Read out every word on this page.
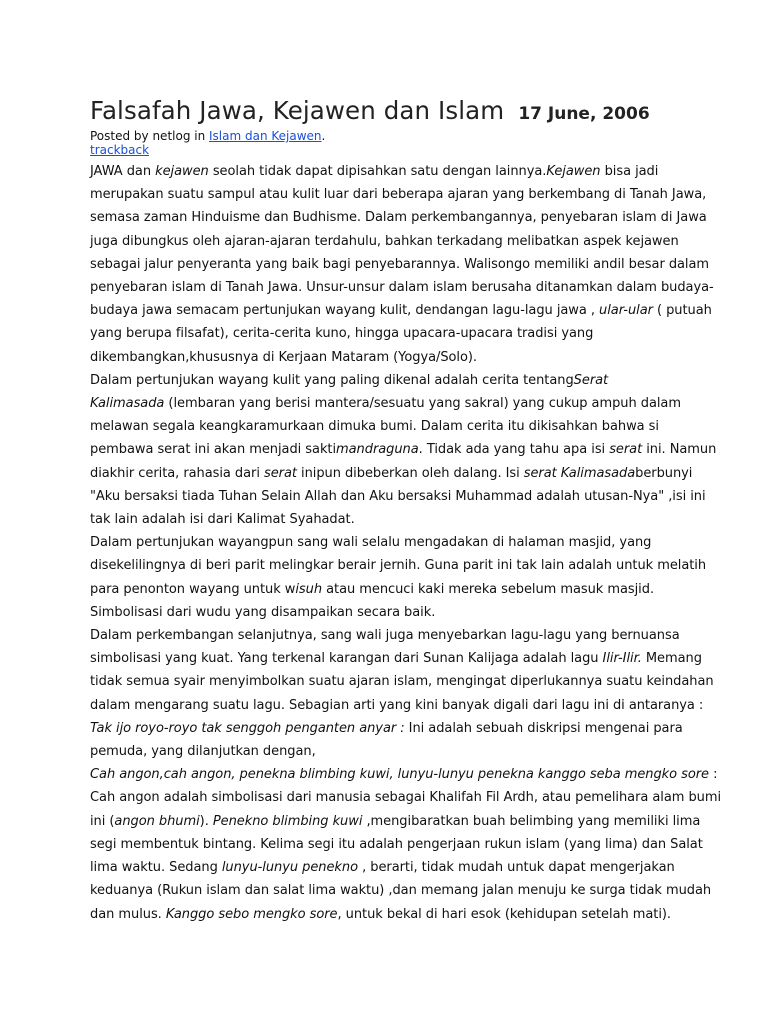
Falsafah Jawa, Kejawen dan Islam 17 June, 2006
Posted by netlog in Islam dan Kejawen.
trackback

JAWA dan kejawen seolah tidak dapat dipisahkan satu dengan lainnya.Kejawen bisa jadi
merupakan suatu sampul atau kulit luar dari beberapa ajaran yang berkembang di Tanah Jawa,
semasa zaman Hinduisme dan Budhisme. Dalam perkembangannya, penyebaran islam di Jawa
juga dibungkus oleh ajaran-ajaran terdahulu, bahkan terkadang melibatkan aspek kejawen
sebagai jalur penyeranta yang baik bagi penyebarannya. Walisongo memiliki andil besar dalam
penyebaran islam di Tanah Jawa. Unsur-unsur dalam islam berusaha ditanamkan dalam budaya-
budaya jawa semacam pertunjukan wayang kulit, dendangan lagu-lagu jawa , ular-ular ( putuah
yang berupa filsafat), cerita-cerita kuno, hingga upacara-upacara tradisi yang
dikembangkan,khususnya di Kerjaan Mataram (Yogya/Solo).

Dalam pertunjukan wayang kulit yang paling dikenal adalah cerita tentangSerat
Kalimasada (lembaran yang berisi mantera/sesuatu yang sakral) yang cukup ampuh dalam
melawan segala keangkaramurkaan dimuka bumi. Dalam cerita itu dikisahkan bahwa si
pembawa serat ini akan menjadi saktimandraguna. Tidak ada yang tahu apa isi serat ini. Namun
diakhir cerita, rahasia dari serat inipun dibeberkan oleh dalang. Isi serat Kalimasadaberbunyi
"Aku bersaksi tiada Tuhan Selain Allah dan Aku bersaksi Muhammad adalah utusan-Nya" ,isi ini
tak lain adalah isi dari Kalimat Syahadat.

Dalam pertunjukan wayangpun sang wali selalu mengadakan di halaman masjid, yang
disekelilingnya di beri parit melingkar berair jernih. Guna parit ini tak lain adalah untuk melatih
para penonton wayang untuk wisuh atau mencuci kaki mereka sebelum masuk masjid.
Simbolisasi dari wudu yang disampaikan secara baik.

Dalam perkembangan selanjutnya, sang wali juga menyebarkan lagu-lagu yang bernuansa
simbolisasi yang kuat. Yang terkenal karangan dari Sunan Kalijaga adalah lagu Ilir-Ilir. Memang
tidak semua syair menyimbolkan suatu ajaran islam, mengingat diperlukannya suatu keindahan
dalam mengarang suatu lagu. Sebagian arti yang kini banyak digali dari lagu ini di antaranya :
Tak ijo royo-royo tak senggoh penganten anyar : Ini adalah sebuah diskripsi mengenai para
pemuda, yang dilanjutkan dengan,

Cah angon,cah angon, penekna blimbing kuwi, lunyu-lunyu penekna kanggo seba mengko sore :
Cah angon adalah simbolisasi dari manusia sebagai Khalifah Fil Ardh, atau pemelihara alam bumi
ini (angon bhumi). Penekno blimbing kuwi ,mengibaratkan buah belimbing yang memiliki lima
segi membentuk bintang. Kelima segi itu adalah pengerjaan rukun islam (yang lima) dan Salat
lima waktu. Sedang lunyu-lunyu penekno , berarti, tidak mudah untuk dapat mengerjakan
keduanya (Rukun islam dan salat lima waktu) ,dan memang jalan menuju ke surga tidak mudah
dan mulus. Kanggo sebo mengko sore, untuk bekal di hari esok (kehidupan setelah mati).
